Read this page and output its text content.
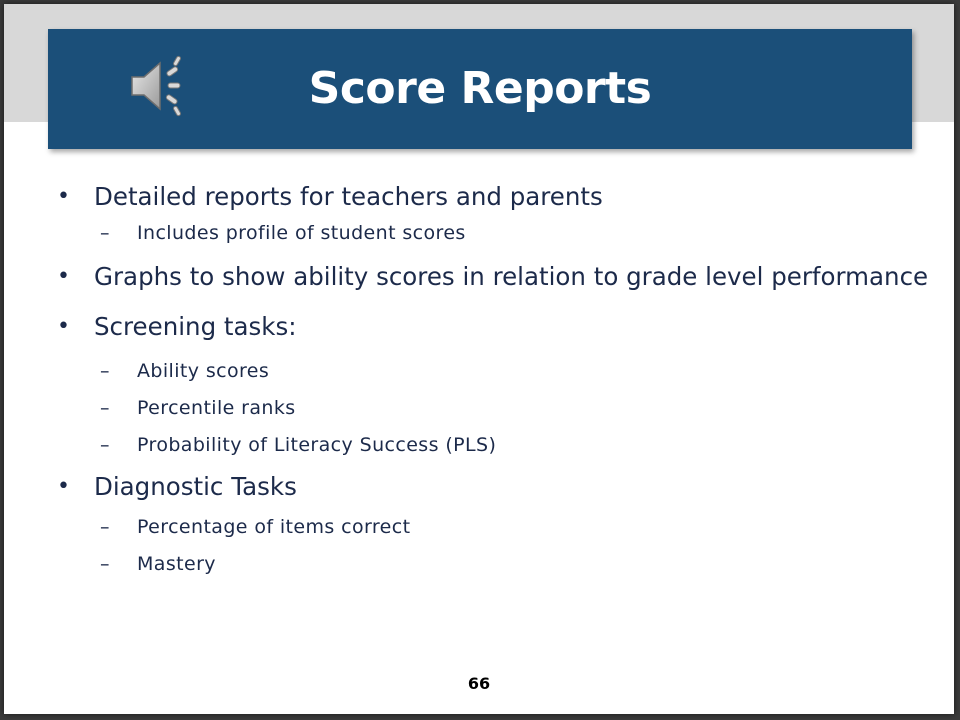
Score Reports
• Detailed reports for teachers and parents
– Includes profile of student scores
• Graphs to show ability scores in relation to grade level performance
• Screening tasks:
– Ability scores
– Percentile ranks
– Probability of Literacy Success (PLS)
• Diagnostic Tasks
– Percentage of items correct
– Mastery
66
